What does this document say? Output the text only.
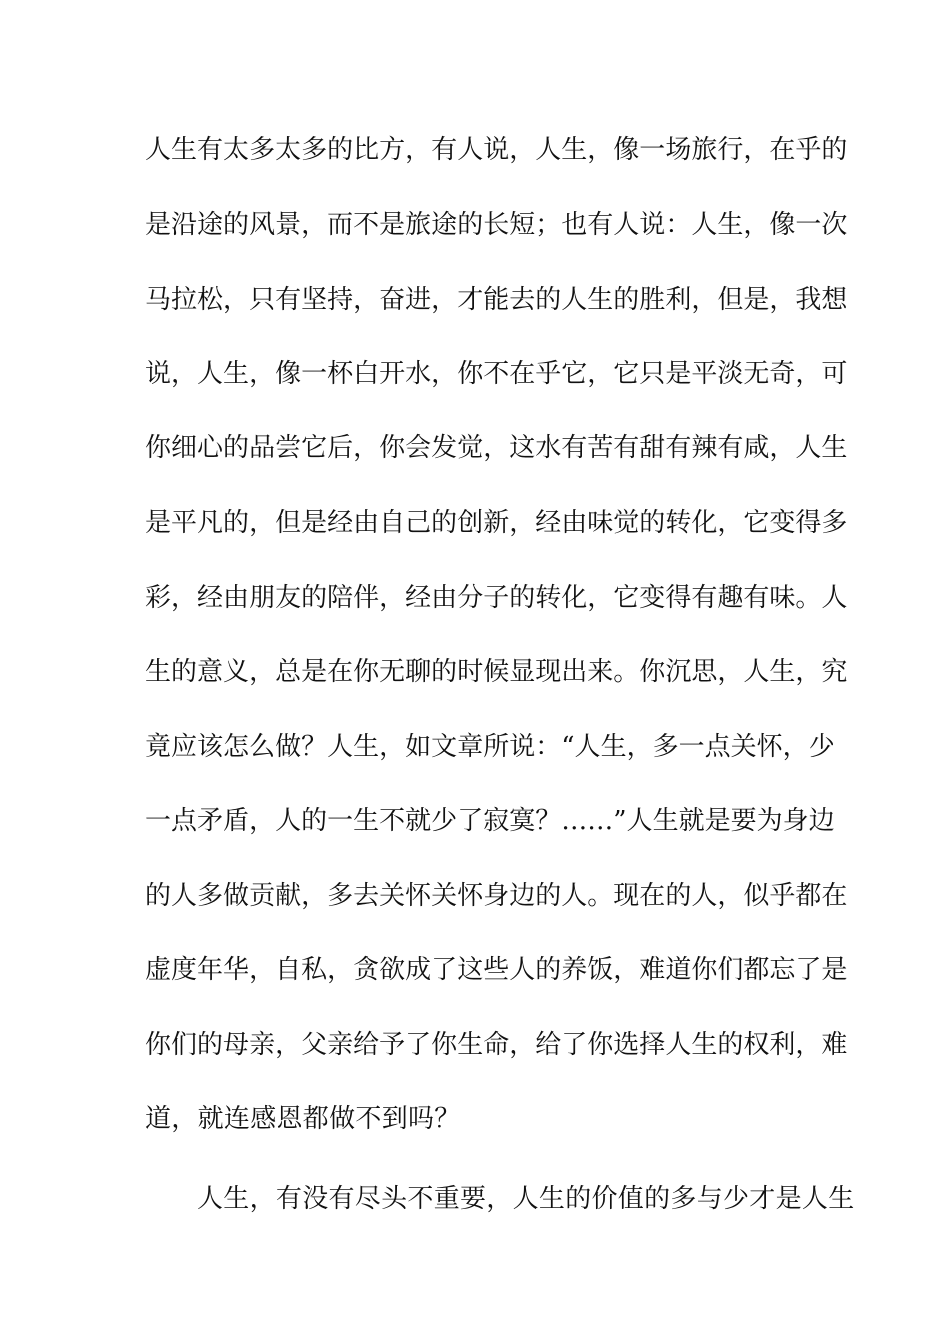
人 生 有 太 多 太 多 的 比 方 ， 有 人 说 ， 人 生 ， 像 一 场 旅 行 ， 在 乎 的
是 沿 途 的 风 景 ， 而 不 是 旅 途 的 长 短 ； 也 有 人 说 ： 人 生 ， 像 一 次
马 拉 松 ， 只 有 坚 持 ， 奋 进 ， 才 能 去 的 人 生 的 胜 利 ， 但 是 ， 我 想
说 ， 人 生 ， 像 一 杯 白 开 水 ， 你 不 在 乎 它 ， 它 只 是 平 淡 无 奇 ， 可
你 细 心 的 品 尝 它 后 ， 你 会 发 觉 ， 这 水 有 苦 有 甜 有 辣 有 咸 ， 人 生
是 平 凡 的 ， 但 是 经 由 自 己 的 创 新 ， 经 由 味 觉 的 转 化 ， 它 变 得 多
彩 ， 经 由 朋 友 的 陪 伴 ， 经 由 分 子 的 转 化 ， 它 变 得 有 趣 有 味 。 人
生 的 意 义 ， 总 是 在 你 无 聊 的 时 候 显 现 出 来 。 你 沉 思 ， 人 生 ， 究
竟 应 该 怎 么 做 ？ 人 生 ， 如 文 章 所 说 ： “ 人 生 ， 多 一 点 关 怀 ， 少
一 点 矛 盾 ， 人 的 一 生 不 就 少 了 寂 寞 ？ … … ” 人 生 就 是 要 为 身 边
的 人 多 做 贡 献 ， 多 去 关 怀 关 怀 身 边 的 人 。 现 在 的 人 ， 似 乎 都 在
虚 度 年 华 ， 自 私 ， 贪 欲 成 了 这 些 人 的 养 饭 ， 难 道 你 们 都 忘 了 是
你 们 的 母 亲 ， 父 亲 给 予 了 你 生 命 ， 给 了 你 选 择 人 生 的 权 利 ， 难
道，就连感恩都做不到吗？
人生，有没有尽头不重要，人生的价值的多与少才是人生
